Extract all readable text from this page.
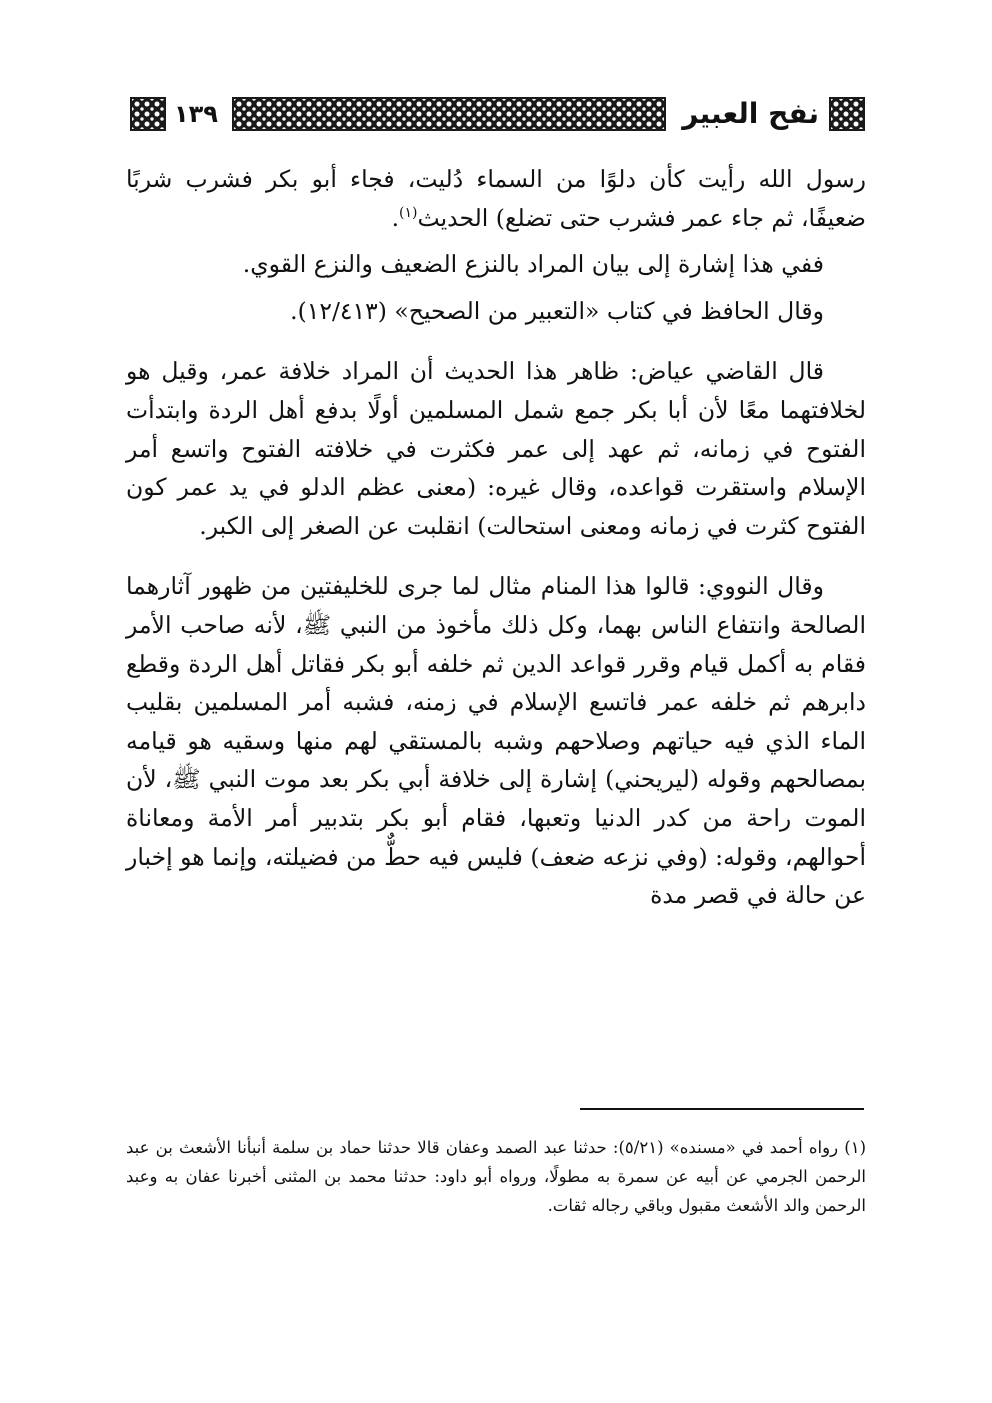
نفح العبير
١٣٩

رسول الله رأيت كأن دلوًا من السماء دُليت، فجاء أبو بكر فشرب شربًا ضعيفًا، ثم جاء عمر فشرب حتى تضلع) الحديث$^{(١)}$.

ففي هذا إشارة إلى بيان المراد بالنزع الضعيف والنزع القوي.

وقال الحافظ في كتاب «التعبير من الصحيح» (١٢/٤١٣).

قال القاضي عياض: ظاهر هذا الحديث أن المراد خلافة عمر، وقيل هو لخلافتهما معًا لأن أبا بكر جمع شمل المسلمين أولًا بدفع أهل الردة وابتدأت الفتوح في زمانه، ثم عهد إلى عمر فكثرت في خلافته الفتوح واتسع أمر الإسلام واستقرت قواعده، وقال غيره: (معنى عظم الدلو في يد عمر كون الفتوح كثرت في زمانه ومعنى استحالت) انقلبت عن الصغر إلى الكبر.

وقال النووي: قالوا هذا المنام مثال لما جرى للخليفتين من ظهور آثارهما الصالحة وانتفاع الناس بهما، وكل ذلك مأخوذ من النبي ﷺ، لأنه صاحب الأمر فقام به أكمل قيام وقرر قواعد الدين ثم خلفه أبو بكر فقاتل أهل الردة وقطع دابرهم ثم خلفه عمر فاتسع الإسلام في زمنه، فشبه أمر المسلمين بقليب الماء الذي فيه حياتهم وصلاحهم وشبه بالمستقي لهم منها وسقيه هو قيامه بمصالحهم وقوله (ليريحني) إشارة إلى خلافة أبي بكر بعد موت النبي ﷺ، لأن الموت راحة من كدر الدنيا وتعبها، فقام أبو بكر بتدبير أمر الأمة ومعاناة أحوالهم، وقوله: (وفي نزعه ضعف) فليس فيه حطٌّ من فضيلته، وإنما هو إخبار عن حالة في قصر مدة

(١) رواه أحمد في «مسنده» (٥/٢١): حدثنا عبد الصمد وعفان قالا حدثنا حماد بن سلمة أنبأنا الأشعث بن عبد الرحمن الجرمي عن أبيه عن سمرة به مطولًا، ورواه أبو داود: حدثنا محمد بن المثنى أخبرنا عفان به وعبد الرحمن والد الأشعث مقبول وباقي رجاله ثقات.
